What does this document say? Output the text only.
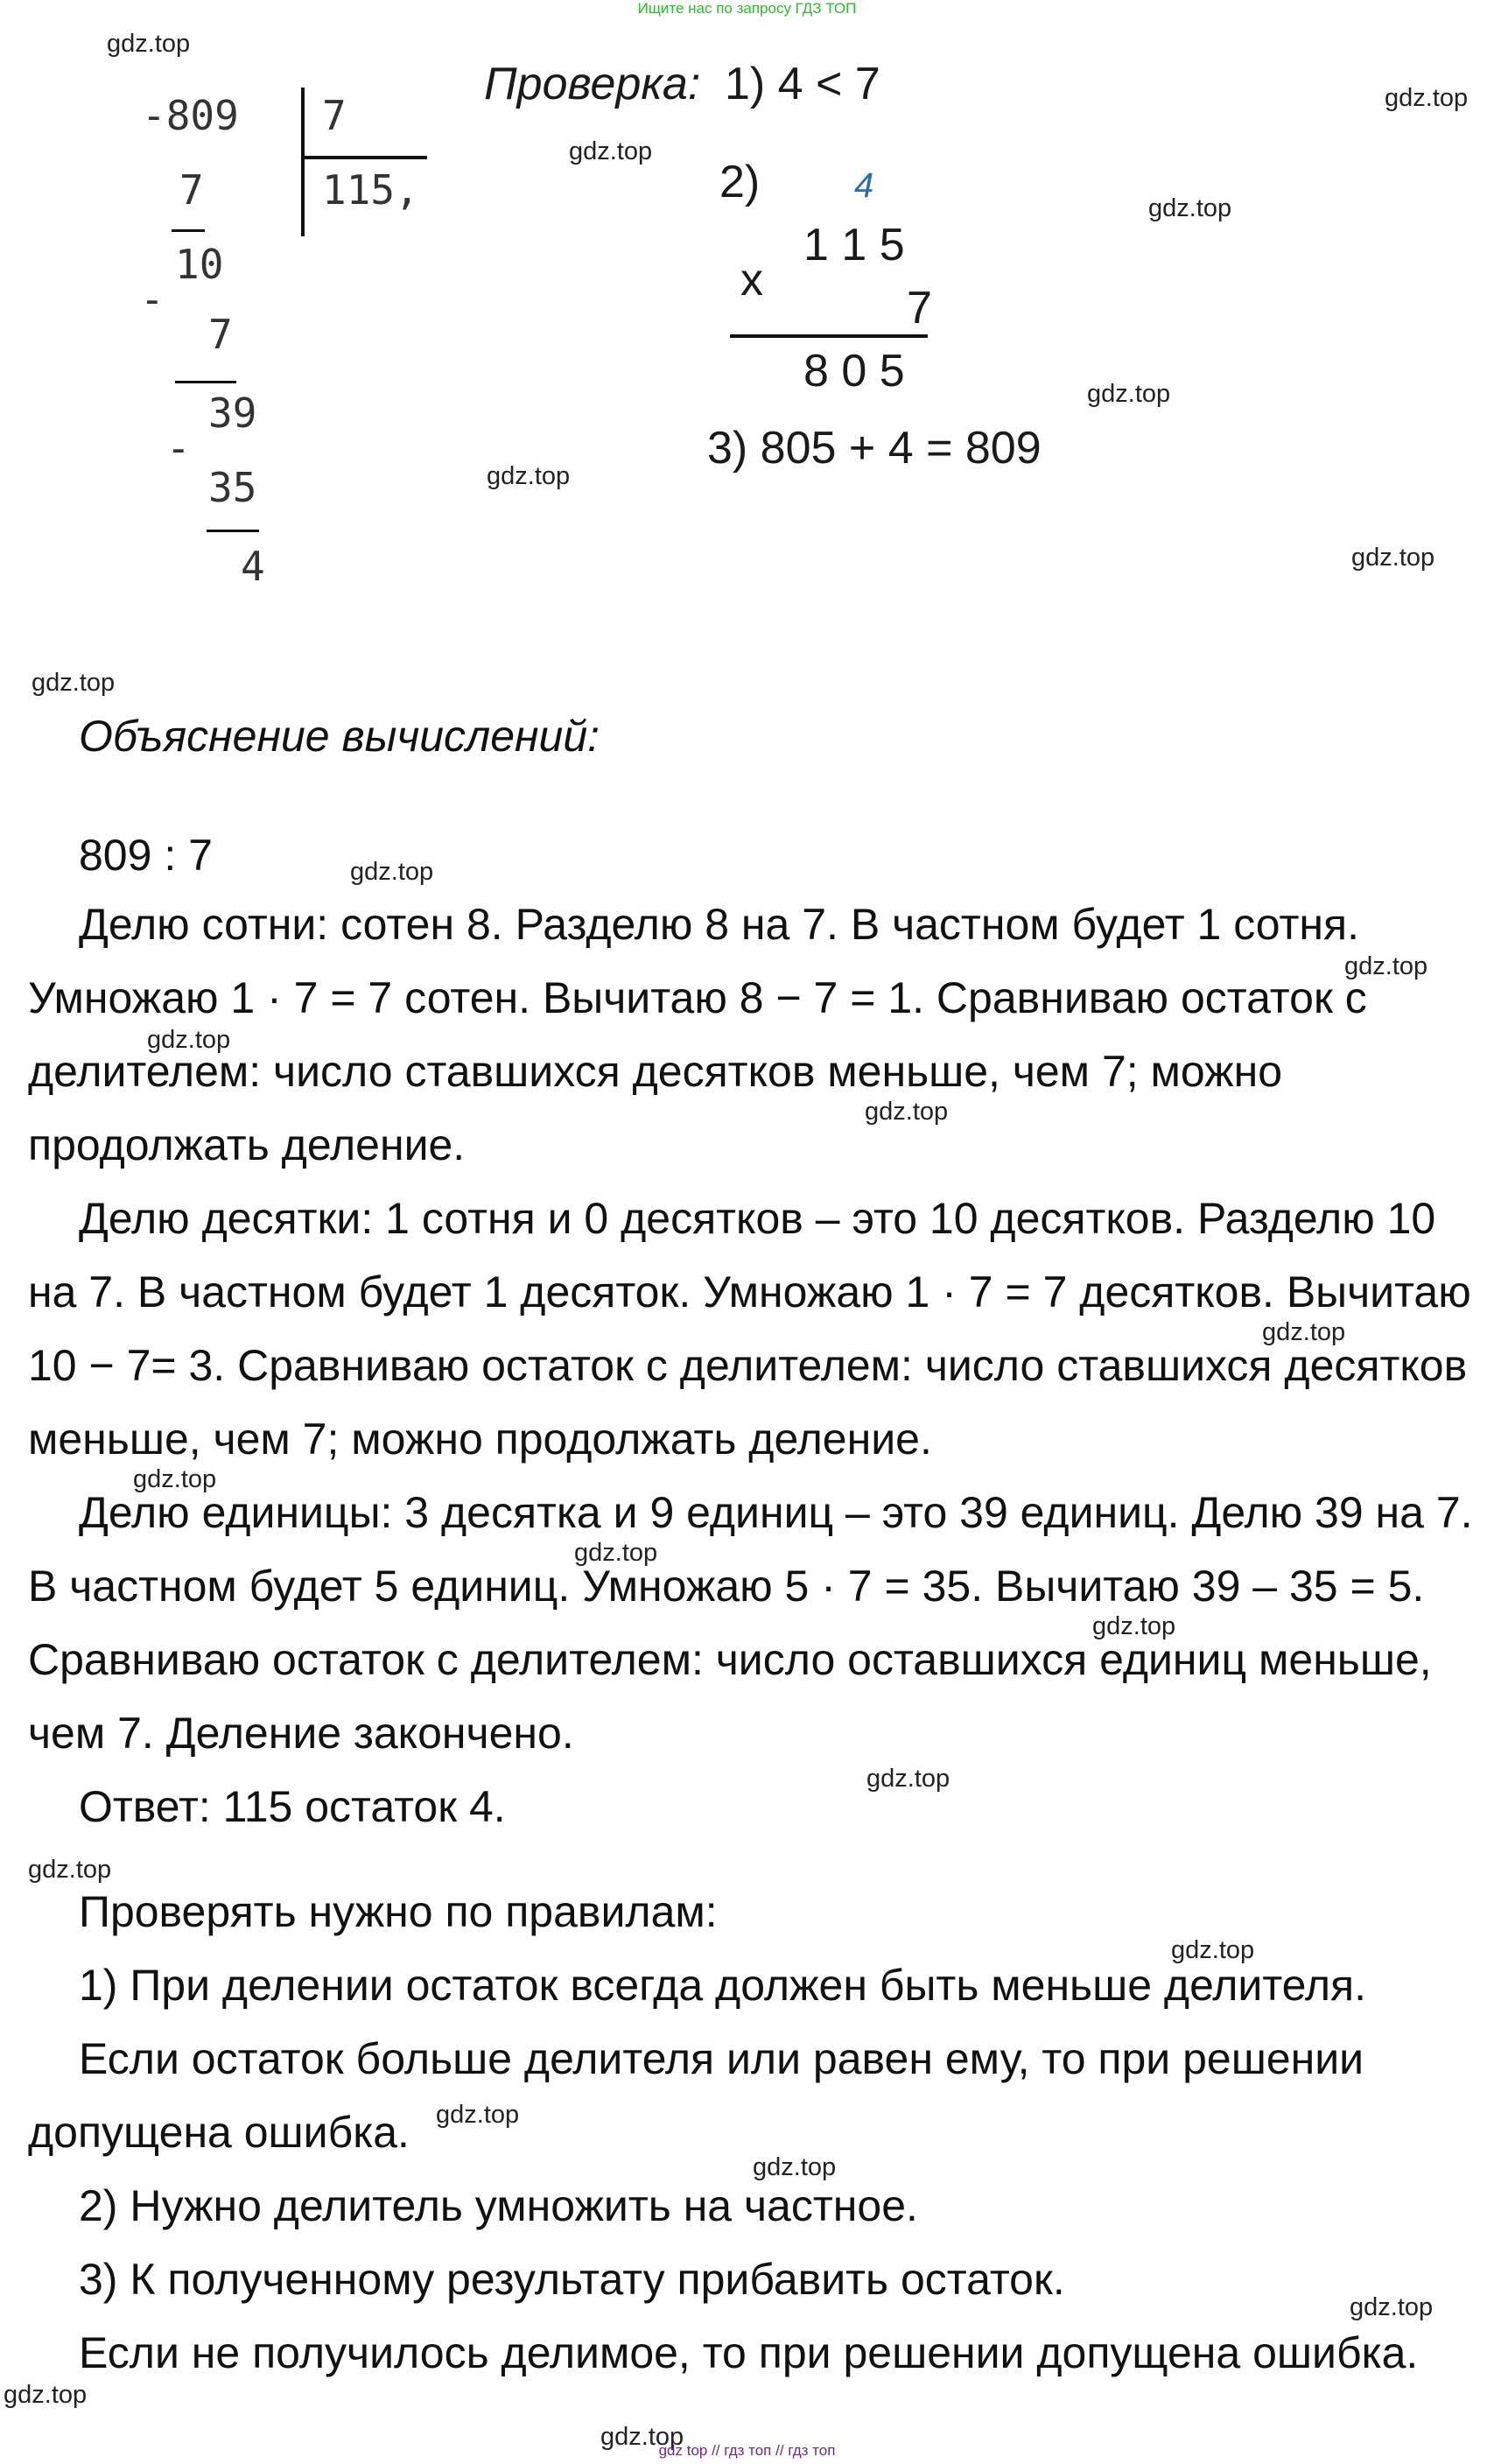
Ищите нас по запросу ГДЗ ТОП
-809 7
115,
7
10
-
7
39
-
35
4
Проверка: 1) 4 < 7
2)	4
x
1 1 5
7
8 0 5
3) 805 + 4 = 809
Объяснение вычислений:
809 : 7

Делю сотни: сотен 8. Разделю 8 на 7. В частном будет 1 сотня. Умножаю 1 · 7 = 7 сотен. Вычитаю 8 − 7 = 1. Сравниваю остаток с делителем: число ставшихся десятков меньше, чем 7; можно продолжать деление.

Делю десятки: 1 сотня и 0 десятков – это 10 десятков. Разделю 10 на 7. В частном будет 1 десяток. Умножаю 1 · 7 = 7 десятков. Вычитаю 10 − 7= 3. Сравниваю остаток с делителем: число ставшихся десятков меньше, чем 7; можно продолжать деление.

Делю единицы: 3 десятка и 9 единиц – это 39 единиц. Делю 39 на 7. В частном будет 5 единиц. Умножаю 5 · 7 = 35. Вычитаю 39 – 35 = 5. Сравниваю остаток с делителем: число оставшихся единиц меньше, чем 7. Деление закончено.

Ответ: 115 остаток 4.

Проверять нужно по правилам:

1) При делении остаток всегда должен быть меньше делителя.

Если остаток больше делителя или равен ему, то при решении допущена ошибка.

2) Нужно делитель умножить на частное.

3) К полученному результату прибавить остаток.

Если не получилось делимое, то при решении допущена ошибка.

gdz.top
gdz.top
gdz.top
gdz.top
gdz.top
gdz.top
gdz.top
gdz.top
gdz.top
gdz.top
gdz.top
gdz.top
gdz.top
gdz.top
gdz.top
gdz.top
gdz.top
gdz.top
gdz.top
gdz.top
gdz.top
gdz.top
gdz.top
gdz.top
gdz top // гдз топ // гдз топ
